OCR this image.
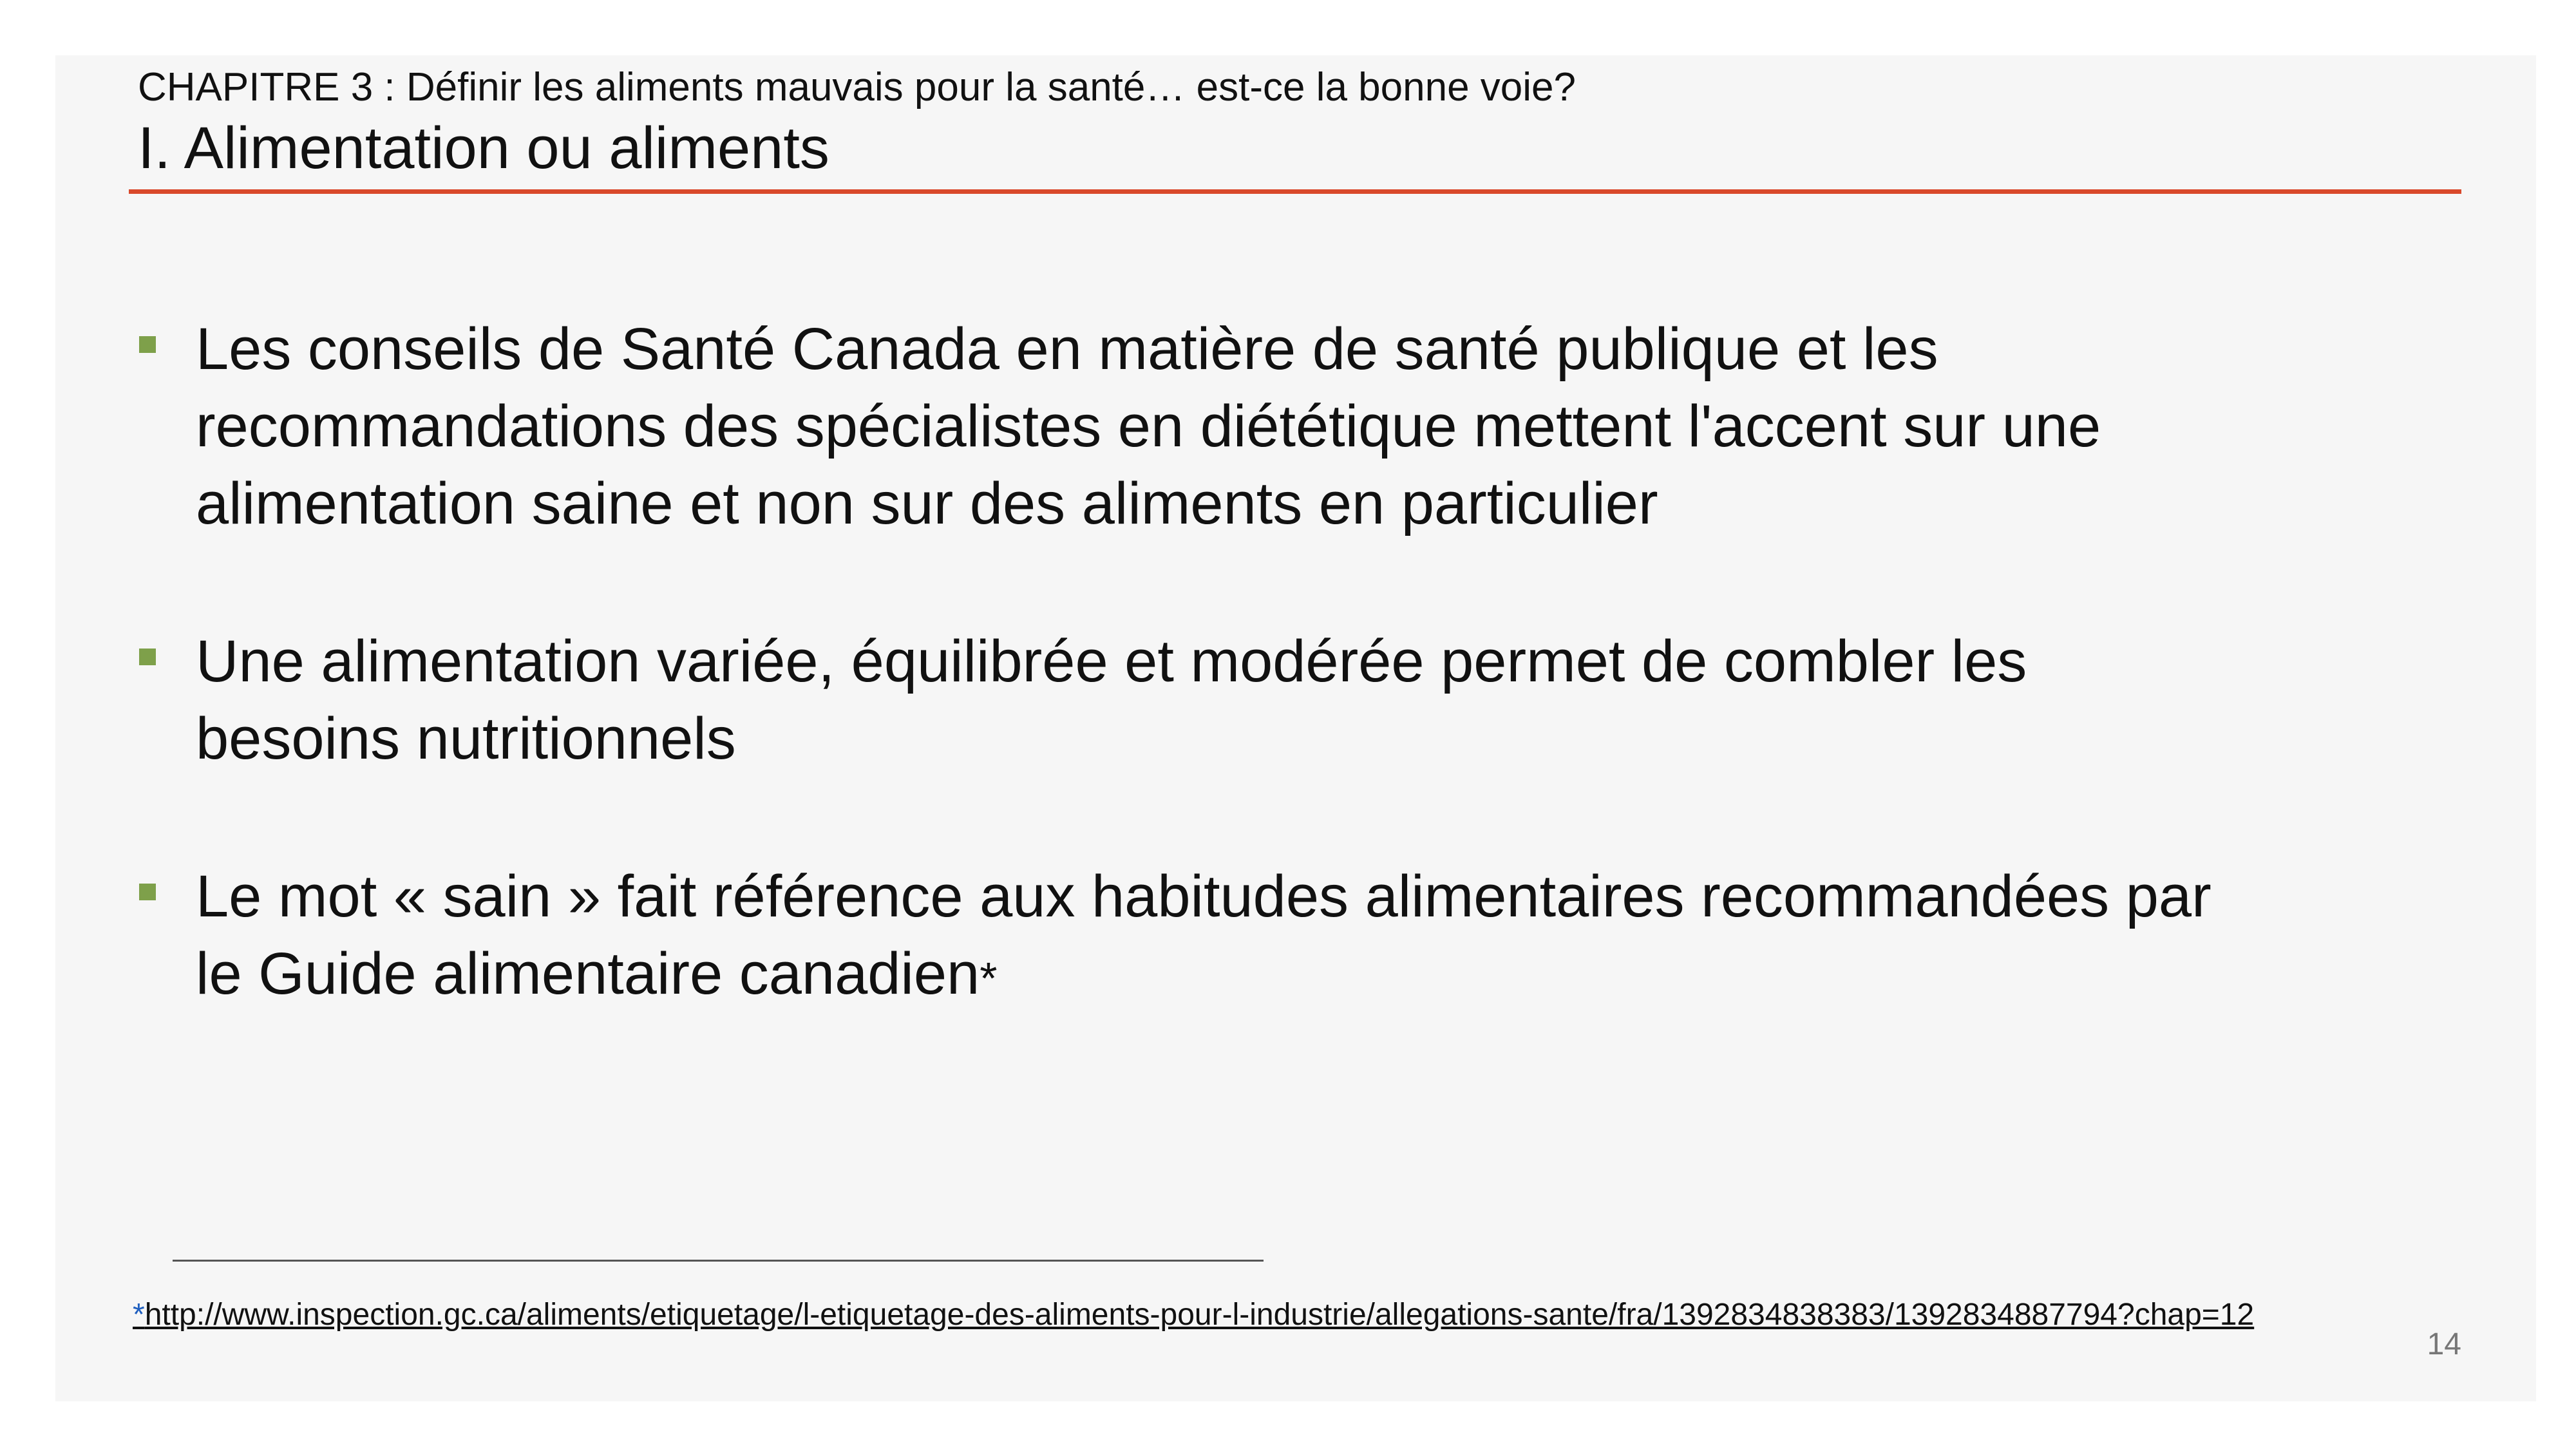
CHAPITRE 3 : Définir les aliments mauvais pour la santé… est-ce la bonne voie?
I. Alimentation ou aliments
Les conseils de Santé Canada en matière de santé publique et les
recommandations des spécialistes en diététique mettent l'accent sur une
alimentation saine et non sur des aliments en particulier
Une alimentation variée, équilibrée et modérée permet de combler les
besoins nutritionnels
Le mot « sain » fait référence aux habitudes alimentaires recommandées par
le Guide alimentaire canadien*
*http://www.inspection.gc.ca/aliments/etiquetage/l-etiquetage-des-aliments-pour-l-industrie/allegations-sante/fra/1392834838383/1392834887794?chap=12
14
